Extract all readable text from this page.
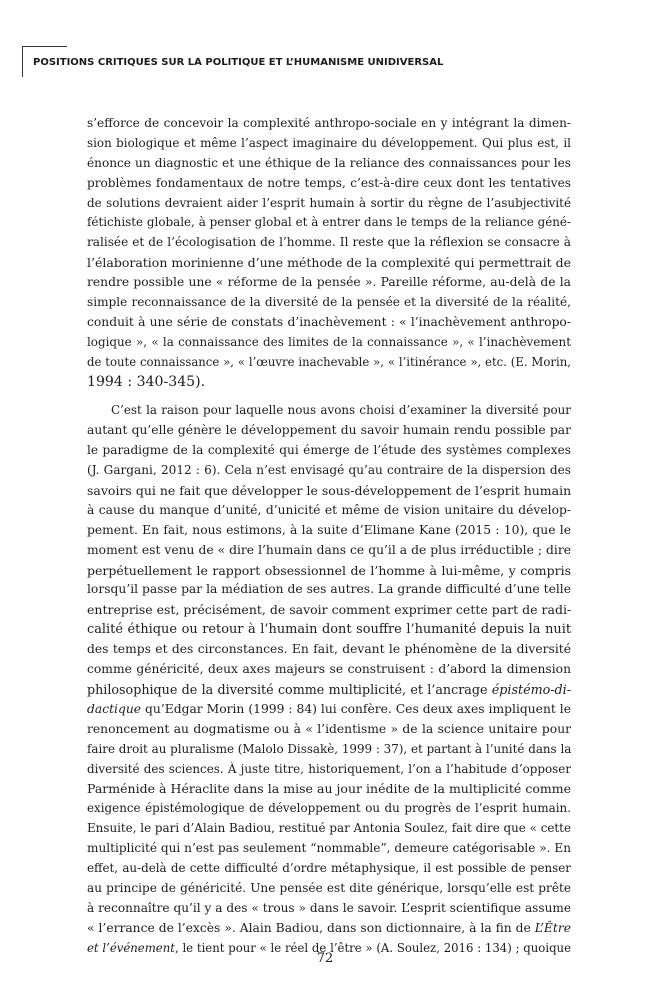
POSITIONS CRITIQUES SUR LA POLITIQUE ET L’HUMANISME UNIDIVERSAL
s’efforce de concevoir la complexité anthropo-sociale en y intégrant la dimen-
sion biologique et même l’aspect imaginaire du développement. Qui plus est, il
énonce un diagnostic et une éthique de la reliance des connaissances pour les
problèmes fondamentaux de notre temps, c’est-à-dire ceux dont les tentatives
de solutions devraient aider l’esprit humain à sortir du règne de l’asubjectivité
fétichiste globale, à penser global et à entrer dans le temps de la reliance géné-
ralisée et de l’écologisation de l’homme. Il reste que la réflexion se consacre à
l’élaboration morinienne d’une méthode de la complexité qui permettrait de
rendre possible une « réforme de la pensée ». Pareille réforme, au-delà de la
simple reconnaissance de la diversité de la pensée et la diversité de la réalité,
conduit à une série de constats d’inachèvement : « l’inachèvement anthropo-
logique », « la connaissance des limites de la connaissance », « l’inachèvement
de toute connaissance », « l’œuvre inachevable », « l’itinérance », etc. (E. Morin,
1994 : 340-345).
C’est la raison pour laquelle nous avons choisi d’examiner la diversité pour
autant qu’elle génère le développement du savoir humain rendu possible par
le paradigme de la complexité qui émerge de l’étude des systèmes complexes
(J. Gargani, 2012 : 6). Cela n’est envisagé qu’au contraire de la dispersion des
savoirs qui ne fait que développer le sous-développement de l’esprit humain
à cause du manque d’unité, d’unicité et même de vision unitaire du dévelop-
pement. En fait, nous estimons, à la suite d’Elimane Kane (2015 : 10), que le
moment est venu de « dire l’humain dans ce qu’il a de plus irréductible ; dire
perpétuellement le rapport obsessionnel de l’homme à lui-même, y compris
lorsqu’il passe par la médiation de ses autres. La grande difficulté d’une telle
entreprise est, précisément, de savoir comment exprimer cette part de radi-
calité éthique ou retour à l’humain dont souffre l’humanité depuis la nuit
des temps et des circonstances. En fait, devant le phénomène de la diversité
comme généricité, deux axes majeurs se construisent : d’abord la dimension
philosophique de la diversité comme multiplicité, et l’ancrage épistémo-di-
dactique qu’Edgar Morin (1999 : 84) lui confère. Ces deux axes impliquent le
renoncement au dogmatisme ou à « l’identisme » de la science unitaire pour
faire droit au pluralisme (Malolo Dissakè, 1999 : 37), et partant à l’unité dans la
diversité des sciences. À juste titre, historiquement, l’on a l’habitude d’opposer
Parménide à Héraclite dans la mise au jour inédite de la multiplicité comme
exigence épistémologique de développement ou du progrès de l’esprit humain.
Ensuite, le pari d’Alain Badiou, restitué par Antonia Soulez, fait dire que « cette
multiplicité qui n’est pas seulement “nommable”, demeure catégorisable ». En
effet, au-delà de cette difficulté d’ordre métaphysique, il est possible de penser
au principe de généricité. Une pensée est dite générique, lorsqu’elle est prête
à reconnaître qu’il y a des « trous » dans le savoir. L’esprit scientifique assume
« l’errance de l’excès ». Alain Badiou, dans son dictionnaire, à la fin de L’Être
et l’événement, le tient pour « le réel de l’être » (A. Soulez, 2016 : 134) ; quoique
72
